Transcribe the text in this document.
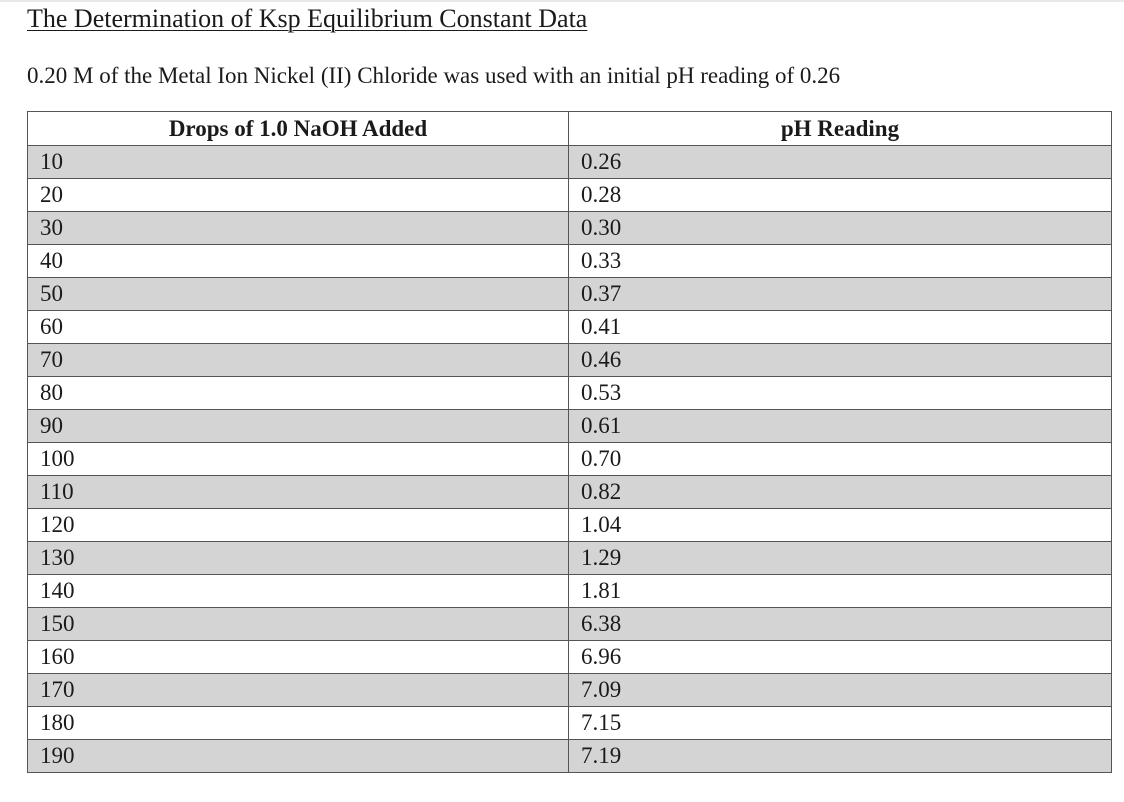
The Determination of Ksp Equilibrium Constant Data

0.20 M of the Metal Ion Nickel (II) Chloride was used with an initial pH reading of 0.26

Drops of 1.0 NaOH Added	pH Reading
10	0.26
20	0.28
30	0.30
40	0.33
50	0.37
60	0.41
70	0.46
80	0.53
90	0.61
100	0.70
110	0.82
120	1.04
130	1.29
140	1.81
150	6.38
160	6.96
170	7.09
180	7.15
190	7.19
